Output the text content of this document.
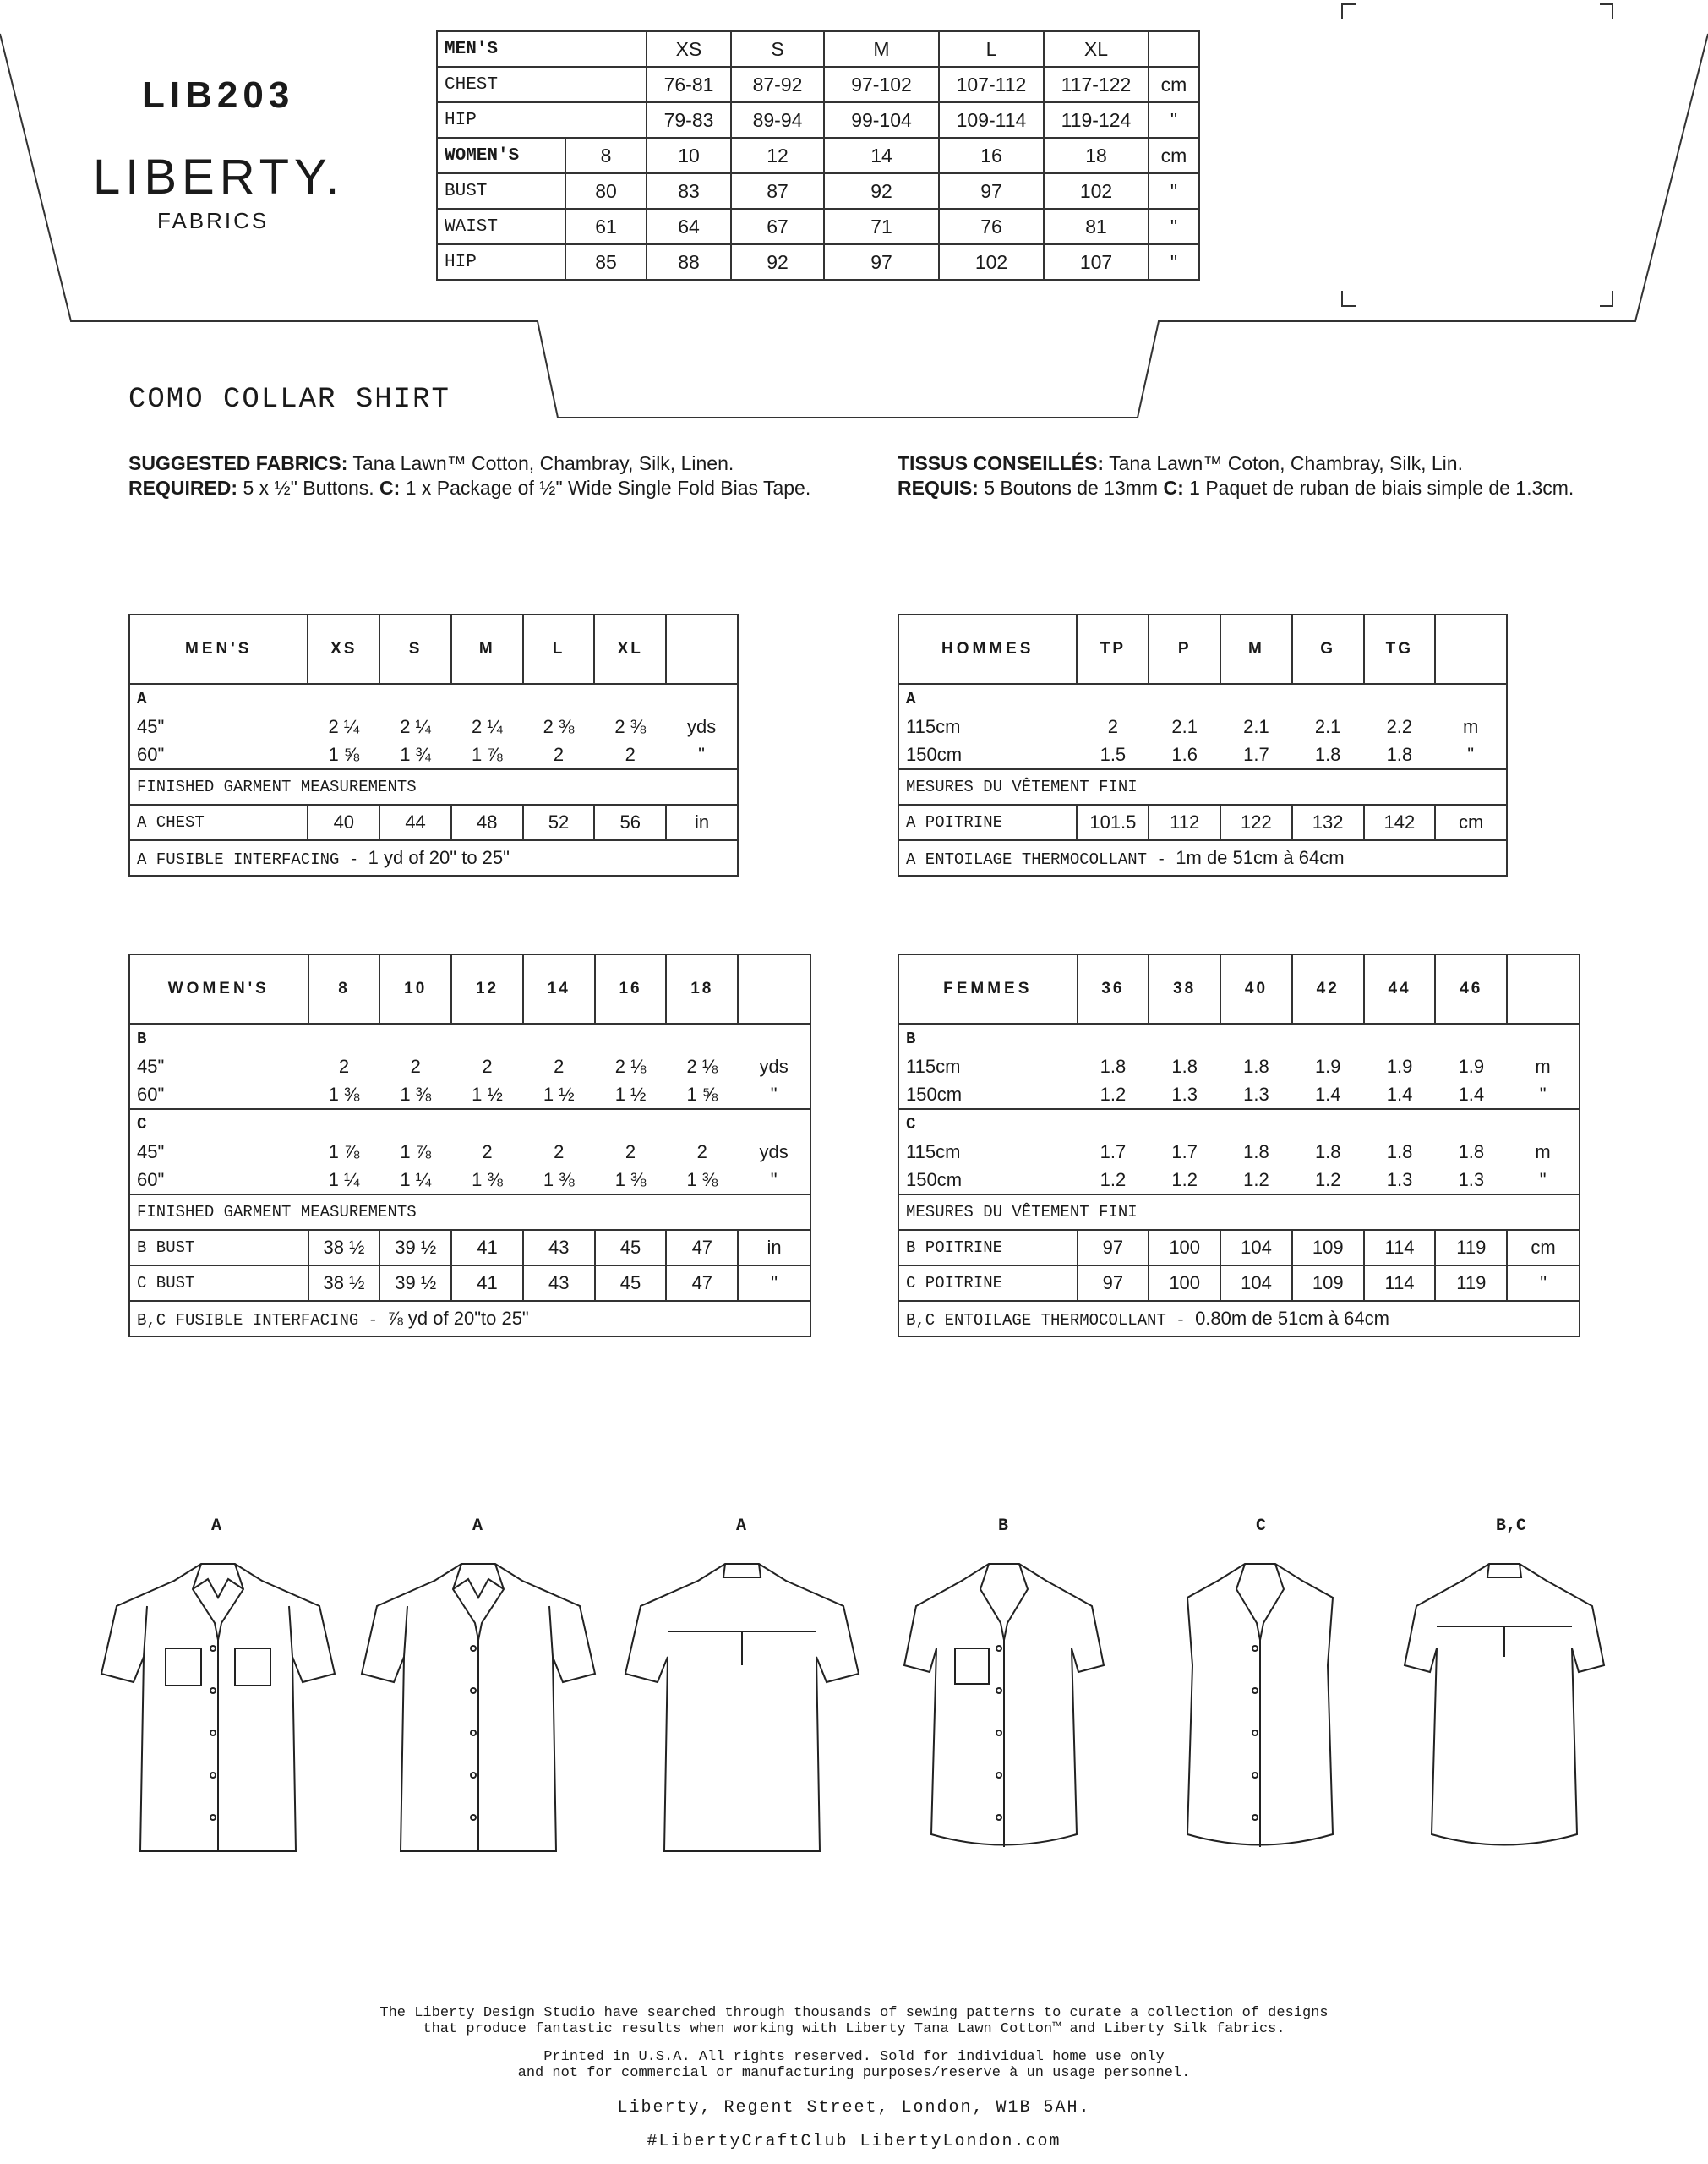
LIB203
LIBERTY.
FABRICS
MEN'S		XS	S	M	L	XL	
CHEST		76-81	87-92	97-102	107-112	117-122	cm
HIP		79-83	89-94	99-104	109-114	119-124	"
WOMEN'S	8	10	12	14	16	18	cm
BUST	80	83	87	92	97	102	"
WAIST	61	64	67	71	76	81	"
HIP	85	88	92	97	102	107	"
COMO COLLAR SHIRT
SUGGESTED FABRICS: Tana Lawn™ Cotton, Chambray, Silk, Linen.
REQUIRED: 5 x ½" Buttons. C: 1 x Package of ½" Wide Single Fold Bias Tape.
TISSUS CONSEILLÉS: Tana Lawn™ Coton, Chambray, Silk, Lin.
REQUIS: 5 Boutons de 13mm C: 1 Paquet de ruban de biais simple de 1.3cm.
MEN'S	XS	S	M	L	XL	
A						
45"	2 ¼	2 ¼	2 ¼	2 ⅜	2 ⅜	yds
60"	1 ⅝	1 ¾	1 ⅞	2	2	"
FINISHED GARMENT MEASUREMENTS						
A CHEST	40	44	48	52	56	in
A FUSIBLE INTERFACING - 1 yd of 20" to 25"						
HOMMES	TP	P	M	G	TG	
A						
115cm	2	2.1	2.1	2.1	2.2	m
150cm	1.5	1.6	1.7	1.8	1.8	"
MESURES DU VÊTEMENT FINI						
A POITRINE	101.5	112	122	132	142	cm
A ENTOILAGE THERMOCOLLANT - 1m de 51cm à 64cm						
WOMEN'S	8	10	12	14	16	18	
B							
45"	2	2	2	2	2 ⅛	2 ⅛	yds
60"	1 ⅜	1 ⅜	1 ½	1 ½	1 ½	1 ⅝	"
C							
45"	1 ⅞	1 ⅞	2	2	2	2	yds
60"	1 ¼	1 ¼	1 ⅜	1 ⅜	1 ⅜	1 ⅜	"
FINISHED GARMENT MEASUREMENTS							
B BUST	38 ½	39 ½	41	43	45	47	in
C BUST	38 ½	39 ½	41	43	45	47	"
B,C FUSIBLE INTERFACING - ⅞ yd of 20"to 25"							
FEMMES	36	38	40	42	44	46	
B							
115cm	1.8	1.8	1.8	1.9	1.9	1.9	m
150cm	1.2	1.3	1.3	1.4	1.4	1.4	"
C							
115cm	1.7	1.7	1.8	1.8	1.8	1.8	m
150cm	1.2	1.2	1.2	1.2	1.3	1.3	"
MESURES DU VÊTEMENT FINI							
B POITRINE	97	100	104	109	114	119	cm
C POITRINE	97	100	104	109	114	119	"
B,C ENTOILAGE THERMOCOLLANT - 0.80m de 51cm à 64cm							
A	A	A	B	C	B,C
The Liberty Design Studio have searched through thousands of sewing patterns to curate a collection of designs
that produce fantastic results when working with Liberty Tana Lawn Cotton™ and Liberty Silk fabrics.
Printed in U.S.A. All rights reserved. Sold for individual home use only
and not for commercial or manufacturing purposes/reserve à un usage personnel.
Liberty, Regent Street, London, W1B 5AH.
#LibertyCraftClub LibertyLondon.com
